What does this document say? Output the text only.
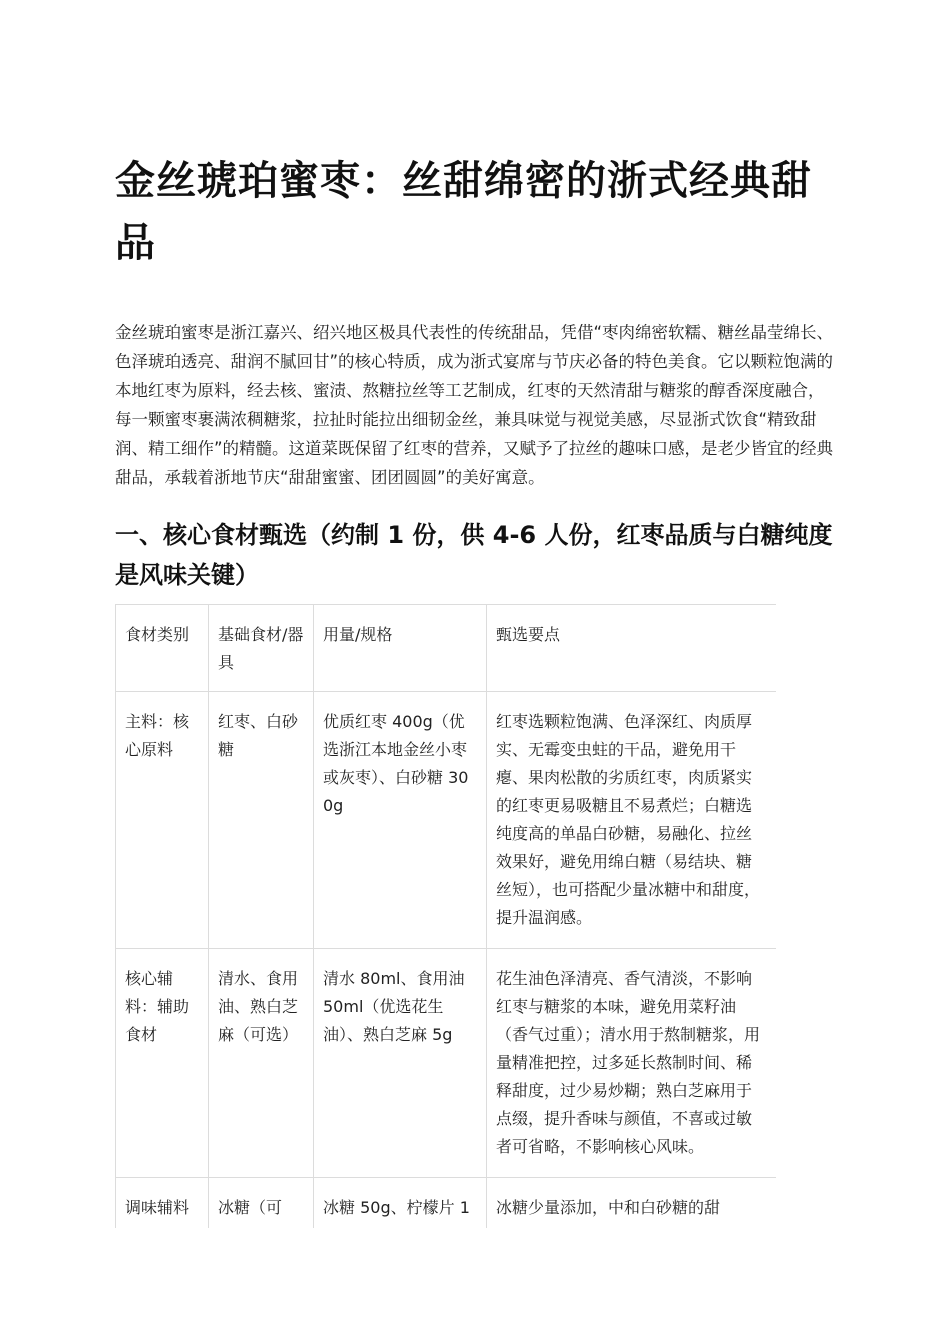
金丝琥珀蜜枣：丝甜绵密的浙式经典甜品

金丝琥珀蜜枣是浙江嘉兴、绍兴地区极具代表性的传统甜品，凭借“枣肉绵密软糯、糖丝晶莹绵长、色泽琥珀透亮、甜润不腻回甘”的核心特质，成为浙式宴席与节庆必备的特色美食。它以颗粒饱满的本地红枣为原料，经去核、蜜渍、熬糖拉丝等工艺制成，红枣的天然清甜与糖浆的醇香深度融合，每一颗蜜枣裹满浓稠糖浆，拉扯时能拉出细韧金丝，兼具味觉与视觉美感，尽显浙式饮食“精致甜润、精工细作”的精髓。这道菜既保留了红枣的营养，又赋予了拉丝的趣味口感，是老少皆宜的经典甜品，承载着浙地节庆“甜甜蜜蜜、团团圆圆”的美好寓意。

一、核心食材甄选（约制 1 份，供 4-6 人份，红枣品质与白糖纯度是风味关键）
食材类别	基础食材/器具	用量/规格	甄选要点
主料：核心原料	红枣、白砂糖	优质红枣 400g（优选浙江本地金丝小枣或灰枣）、白砂糖 300g	红枣选颗粒饱满、色泽深红、肉质厚实、无霉变虫蛀的干品，避免用干瘪、果肉松散的劣质红枣，肉质紧实的红枣更易吸糖且不易煮烂；白糖选纯度高的单晶白砂糖，易融化、拉丝效果好，避免用绵白糖（易结块、糖丝短），也可搭配少量冰糖中和甜度，提升温润感。
核心辅料：辅助食材	清水、食用油、熟白芝麻（可选）	清水 80ml、食用油 50ml（优选花生油）、熟白芝麻 5g	花生油色泽清亮、香气清淡，不影响红枣与糖浆的本味，避免用菜籽油（香气过重）；清水用于熬制糖浆，用量精准把控，过多延长熬制时间、稀释甜度，过少易炒糊；熟白芝麻用于点缀，提升香味与颜值，不喜或过敏者可省略，不影响核心风味。
调味辅料	冰糖（可	冰糖 50g、柠檬片 1	冰糖少量添加，中和白砂糖的甜
